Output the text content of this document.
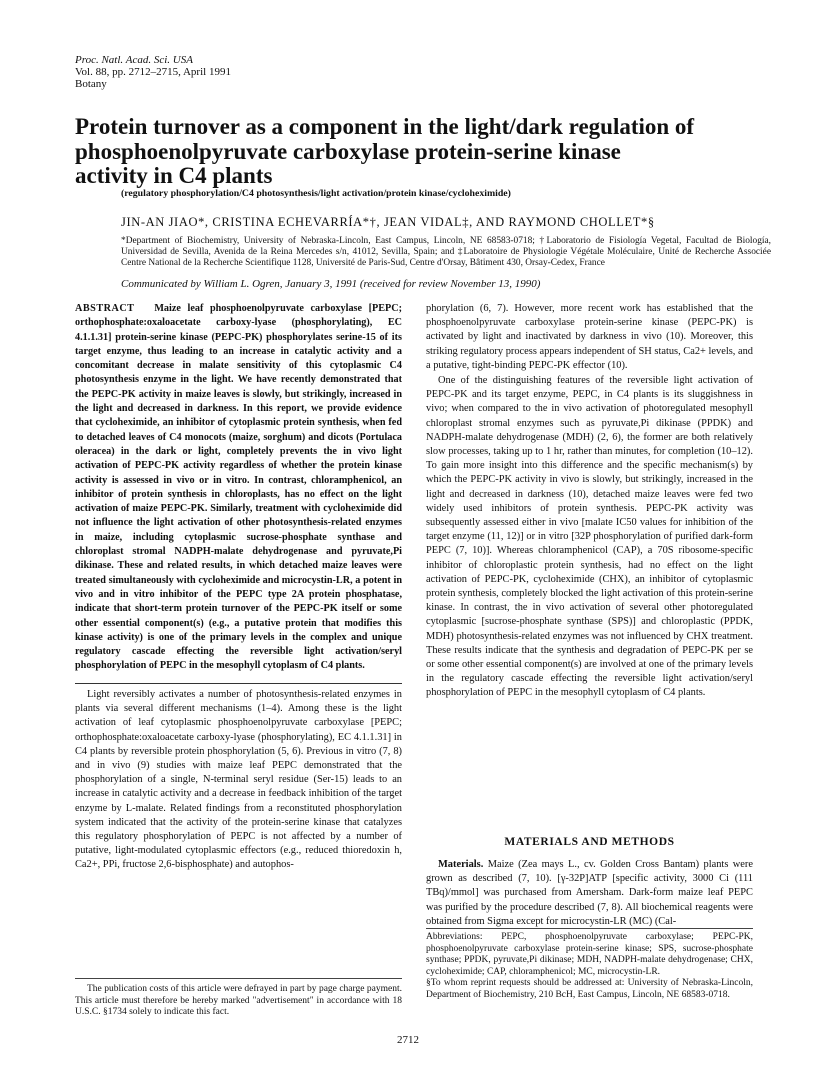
Proc. Natl. Acad. Sci. USA
Vol. 88, pp. 2712–2715, April 1991
Botany
Protein turnover as a component in the light/dark regulation of
phosphoenolpyruvate carboxylase protein-serine kinase
activity in C4 plants
(regulatory phosphorylation/C4 photosynthesis/light activation/protein kinase/cycloheximide)
JIN-AN JIAO*, CRISTINA ECHEVARRÍA*†, JEAN VIDAL‡, AND RAYMOND CHOLLET*§
*Department of Biochemistry, University of Nebraska-Lincoln, East Campus, Lincoln, NE 68583-0718; †Laboratorio de Fisiología Vegetal, Facultad de Biología, Universidad de Sevilla, Avenida de la Reina Mercedes s/n, 41012, Sevilla, Spain; and ‡Laboratoire de Physiologie Végétale Moléculaire, Unité de Recherche Associée Centre National de la Recherche Scientifique 1128, Université de Paris-Sud, Centre d'Orsay, Bâtiment 430, Orsay-Cedex, France
Communicated by William L. Ogren, January 3, 1991 (received for review November 13, 1990)

ABSTRACT Maize leaf phosphoenolpyruvate carboxylase [PEPC; orthophosphate:oxaloacetate carboxy-lyase (phosphorylating), EC 4.1.1.31] protein-serine kinase (PEPC-PK) phosphorylates serine-15 of its target enzyme, thus leading to an increase in catalytic activity and a concomitant decrease in malate sensitivity of this cytoplasmic C4 photosynthesis enzyme in the light. We have recently demonstrated that the PEPC-PK activity in maize leaves is slowly, but strikingly, increased in the light and decreased in darkness. In this report, we provide evidence that cycloheximide, an inhibitor of cytoplasmic protein synthesis, when fed to detached leaves of C4 monocots (maize, sorghum) and dicots (Portulaca oleracea) in the dark or light, completely prevents the in vivo light activation of PEPC-PK activity regardless of whether the protein kinase activity is assessed in vivo or in vitro. In contrast, chloramphenicol, an inhibitor of protein synthesis in chloroplasts, has no effect on the light activation of maize PEPC-PK. Similarly, treatment with cycloheximide did not influence the light activation of other photosynthesis-related enzymes in maize, including cytoplasmic sucrose-phosphate synthase and chloroplast stromal NADPH-malate dehydrogenase and pyruvate,Pi dikinase. These and related results, in which detached maize leaves were treated simultaneously with cycloheximide and microcystin-LR, a potent in vivo and in vitro inhibitor of the PEPC type 2A protein phosphatase, indicate that short-term protein turnover of the PEPC-PK itself or some other essential component(s) (e.g., a putative protein that modifies this kinase activity) is one of the primary levels in the complex and unique regulatory cascade effecting the reversible light activation/seryl phosphorylation of PEPC in the mesophyll cytoplasm of C4 plants.

Light reversibly activates a number of photosynthesis-related enzymes in plants via several different mechanisms (1–4). Among these is the light activation of leaf cytoplasmic phosphoenolpyruvate carboxylase [PEPC; orthophosphate:oxaloacetate carboxy-lyase (phosphorylating), EC 4.1.1.31] in C4 plants by reversible protein phosphorylation (5, 6). Previous in vitro (7, 8) and in vivo (9) studies with maize leaf PEPC demonstrated that the phosphorylation of a single, N-terminal seryl residue (Ser-15) leads to an increase in catalytic activity and a decrease in feedback inhibition of the target enzyme by L-malate. Related findings from a reconstituted phosphorylation system indicated that the activity of the protein-serine kinase that catalyzes this regulatory phosphorylation of PEPC is not affected by a number of putative, light-modulated cytoplasmic effectors (e.g., reduced thioredoxin h, Ca2+, PPi, fructose 2,6-bisphosphate) and autophos-

The publication costs of this article were defrayed in part by page charge payment. This article must therefore be hereby marked "advertisement" in accordance with 18 U.S.C. §1734 solely to indicate this fact.

phorylation (6, 7). However, more recent work has established that the phosphoenolpyruvate carboxylase protein-serine kinase (PEPC-PK) is activated by light and inactivated by darkness in vivo (10). Moreover, this striking regulatory process appears independent of SH status, Ca2+ levels, and a putative, tight-binding PEPC-PK effector (10).

One of the distinguishing features of the reversible light activation of PEPC-PK and its target enzyme, PEPC, in C4 plants is its sluggishness in vivo; when compared to the in vivo activation of photoregulated mesophyll chloroplast stromal enzymes such as pyruvate,Pi dikinase (PPDK) and NADPH-malate dehydrogenase (MDH) (2, 6), the former are both relatively slow processes, taking up to 1 hr, rather than minutes, for completion (10–12). To gain more insight into this difference and the specific mechanism(s) by which the PEPC-PK activity in vivo is slowly, but strikingly, increased in the light and decreased in darkness (10), detached maize leaves were fed two widely used inhibitors of protein synthesis. PEPC-PK activity was subsequently assessed either in vivo [malate IC50 values for inhibition of the target enzyme (11, 12)] or in vitro [32P phosphorylation of purified dark-form PEPC (7, 10)]. Whereas chloramphenicol (CAP), a 70S ribosome-specific inhibitor of chloroplastic protein synthesis, had no effect on the light activation of PEPC-PK, cycloheximide (CHX), an inhibitor of cytoplasmic protein synthesis, completely blocked the light activation of this protein-serine kinase. In contrast, the in vivo activation of several other photoregulated cytoplasmic [sucrose-phosphate synthase (SPS)] and chloroplastic (PPDK, MDH) photosynthesis-related enzymes was not influenced by CHX treatment. These results indicate that the synthesis and degradation of PEPC-PK per se or some other essential component(s) are involved at one of the primary levels in the regulatory cascade effecting the reversible light activation/seryl phosphorylation of PEPC in the mesophyll cytoplasm of C4 plants.

MATERIALS AND METHODS

Materials. Maize (Zea mays L., cv. Golden Cross Bantam) plants were grown as described (7, 10). [γ-32P]ATP [specific activity, 3000 Ci (111 TBq)/mmol] was purchased from Amersham. Dark-form maize leaf PEPC was purified by the procedure described (7, 8). All biochemical reagents were obtained from Sigma except for microcystin-LR (MC) (Cal-

Abbreviations: PEPC, phosphoenolpyruvate carboxylase; PEPC-PK, phosphoenolpyruvate carboxylase protein-serine kinase; SPS, sucrose-phosphate synthase; PPDK, pyruvate,Pi dikinase; MDH, NADPH-malate dehydrogenase; CHX, cycloheximide; CAP, chloramphenicol; MC, microcystin-LR.

§To whom reprint requests should be addressed at: University of Nebraska-Lincoln, Department of Biochemistry, 210 BcH, East Campus, Lincoln, NE 68583-0718.

2712
